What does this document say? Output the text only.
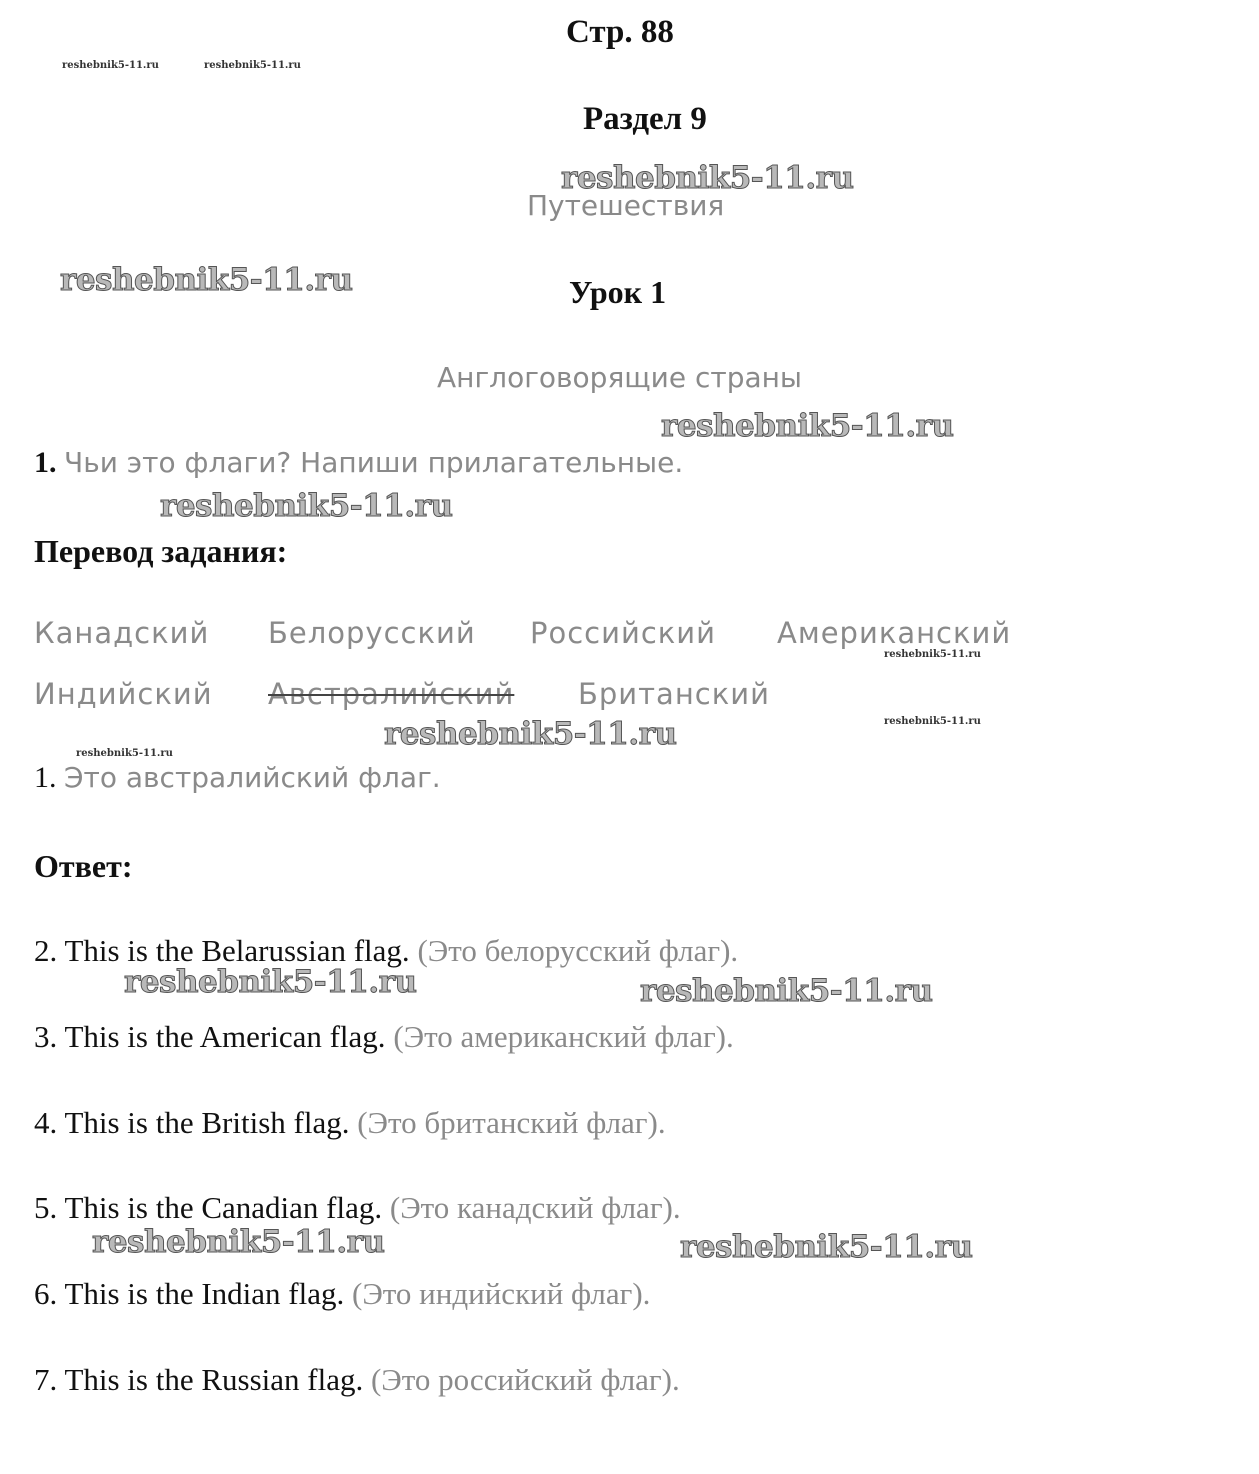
Стр. 88
Раздел 9
Путешествия
Урок 1
Англоговорящие страны
1. Чьи это флаги? Напиши прилагательные.
Перевод задания:
Канадский Белорусский Российский Американский
Индийский Австралийский Британский
1. Это австралийский флаг.
Ответ:
2. This is the Belarussian flag. (Это белорусский флаг).
3. This is the American flag. (Это американский флаг).
4. This is the British flag. (Это британский флаг).
5. This is the Canadian flag. (Это канадский флаг).
6. This is the Indian flag. (Это индийский флаг).
7. This is the Russian flag. (Это российский флаг).
reshebnik5-11.ru	reshebnik5-11.ru
reshebnik5-11.ru
reshebnik5-11.ru
reshebnik5-11.ru
reshebnik5-11.ru
reshebnik5-11.ru
reshebnik5-11.ru
reshebnik5-11.ru
reshebnik5-11.ru
reshebnik5-11.ru	reshebnik5-11.ru
reshebnik5-11.ru	reshebnik5-11.ru
